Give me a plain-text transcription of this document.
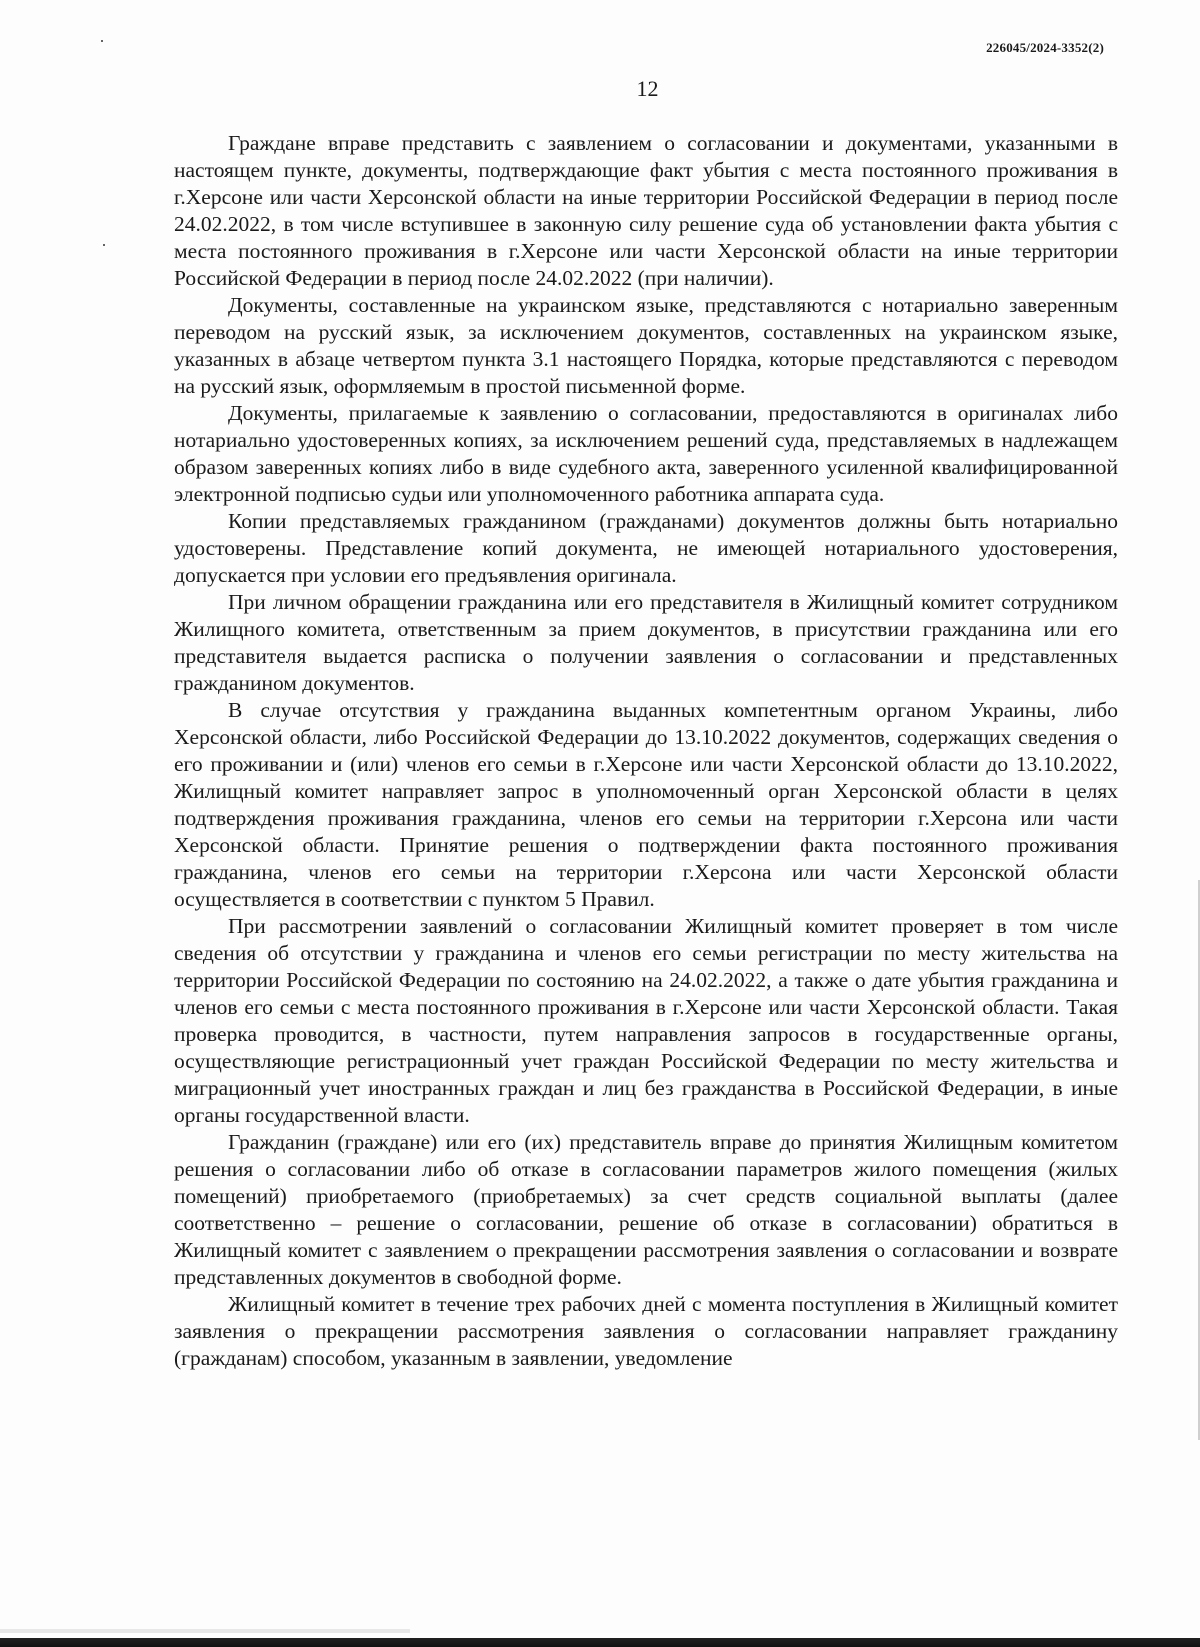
226045/2024-3352(2)
12

Граждане вправе представить с заявлением о согласовании и документами, указанными в настоящем пункте, документы, подтверждающие факт убытия с места постоянного проживания в г.Херсоне или части Херсонской области на иные территории Российской Федерации в период после 24.02.2022, в том числе вступившее в законную силу решение суда об установлении факта убытия с места постоянного проживания в г.Херсоне или части Херсонской области на иные территории Российской Федерации в период после 24.02.2022 (при наличии).

Документы, составленные на украинском языке, представляются с нотариально заверенным переводом на русский язык, за исключением документов, составленных на украинском языке, указанных в абзаце четвертом пункта 3.1 настоящего Порядка, которые представляются с переводом на русский язык, оформляемым в простой письменной форме.

Документы, прилагаемые к заявлению о согласовании, предоставляются в оригиналах либо нотариально удостоверенных копиях, за исключением решений суда, представляемых в надлежащем образом заверенных копиях либо в виде судебного акта, заверенного усиленной квалифицированной электронной подписью судьи или уполномоченного работника аппарата суда.

Копии представляемых гражданином (гражданами) документов должны быть нотариально удостоверены. Представление копий документа, не имеющей нотариального удостоверения, допускается при условии его предъявления оригинала.

При личном обращении гражданина или его представителя в Жилищный комитет сотрудником Жилищного комитета, ответственным за прием документов, в присутствии гражданина или его представителя выдается расписка о получении заявления о согласовании и представленных гражданином документов.

В случае отсутствия у гражданина выданных компетентным органом Украины, либо Херсонской области, либо Российской Федерации до 13.10.2022 документов, содержащих сведения о его проживании и (или) членов его семьи в г.Херсоне или части Херсонской области до 13.10.2022, Жилищный комитет направляет запрос в уполномоченный орган Херсонской области в целях подтверждения проживания гражданина, членов его семьи на территории г.Херсона или части Херсонской области. Принятие решения о подтверждении факта постоянного проживания гражданина, членов его семьи на территории г.Херсона или части Херсонской области осуществляется в соответствии с пунктом 5 Правил.

При рассмотрении заявлений о согласовании Жилищный комитет проверяет в том числе сведения об отсутствии у гражданина и членов его семьи регистрации по месту жительства на территории Российской Федерации по состоянию на 24.02.2022, а также о дате убытия гражданина и членов его семьи с места постоянного проживания в г.Херсоне или части Херсонской области. Такая проверка проводится, в частности, путем направления запросов в государственные органы, осуществляющие регистрационный учет граждан Российской Федерации по месту жительства и миграционный учет иностранных граждан и лиц без гражданства в Российской Федерации, в иные органы государственной власти.

Гражданин (граждане) или его (их) представитель вправе до принятия Жилищным комитетом решения о согласовании либо об отказе в согласовании параметров жилого помещения (жилых помещений) приобретаемого (приобретаемых) за счет средств социальной выплаты (далее соответственно – решение о согласовании, решение об отказе в согласовании) обратиться в Жилищный комитет с заявлением о прекращении рассмотрения заявления о согласовании и возврате представленных документов в свободной форме.

Жилищный комитет в течение трех рабочих дней с момента поступления в Жилищный комитет заявления о прекращении рассмотрения заявления о согласовании направляет гражданину (гражданам) способом, указанным в заявлении, уведомление
